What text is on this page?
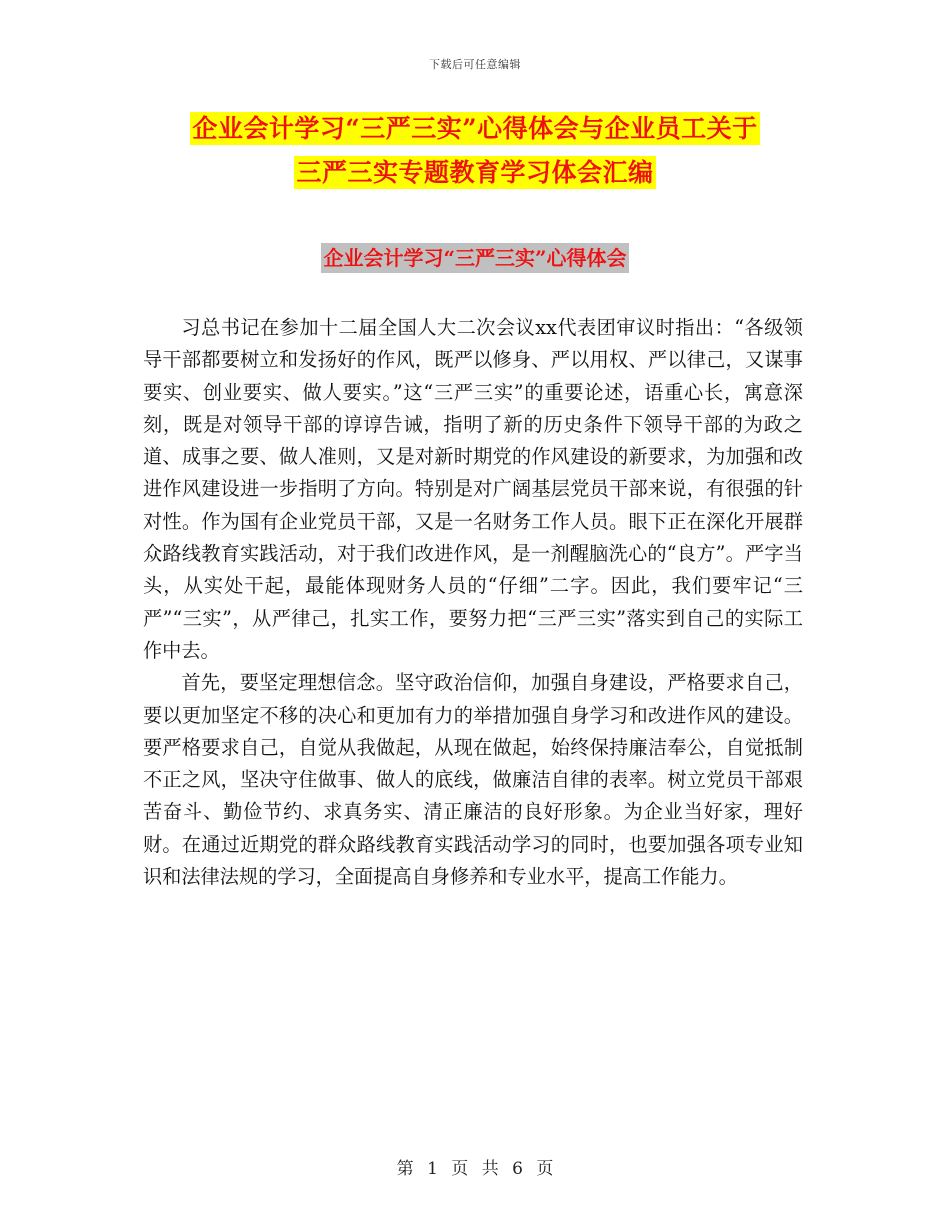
下载后可任意编辑
企业会计学习“三严三实”心得体会与企业员工关于
三严三实专题教育学习体会汇编
企业会计学习“三严三实”心得体会

习总书记在参加十二届全国人大二次会议xx代表团审议时指出：“各级领导干部都要树立和发扬好的作风，既严以修身、严以用权、严以律己，又谋事要实、创业要实、做人要实。”这“三严三实”的重要论述，语重心长，寓意深刻，既是对领导干部的谆谆告诫，指明了新的历史条件下领导干部的为政之道、成事之要、做人准则，又是对新时期党的作风建设的新要求，为加强和改进作风建设进一步指明了方向。特别是对广阔基层党员干部来说，有很强的针对性。作为国有企业党员干部，又是一名财务工作人员。眼下正在深化开展群众路线教育实践活动，对于我们改进作风，是一剂醒脑洗心的“良方”。严字当头，从实处干起，最能体现财务人员的“仔细”二字。因此，我们要牢记“三严”“三实”，从严律己，扎实工作，要努力把“三严三实”落实到自己的实际工作中去。

首先，要坚定理想信念。坚守政治信仰，加强自身建设，严格要求自己，要以更加坚定不移的决心和更加有力的举措加强自身学习和改进作风的建设。要严格要求自己，自觉从我做起，从现在做起，始终保持廉洁奉公，自觉抵制不正之风，坚决守住做事、做人的底线，做廉洁自律的表率。树立党员干部艰苦奋斗、勤俭节约、求真务实、清正廉洁的良好形象。为企业当好家，理好财。在通过近期党的群众路线教育实践活动学习的同时，也要加强各项专业知识和法律法规的学习，全面提高自身修养和专业水平，提高工作能力。

第 1 页 共 6 页
